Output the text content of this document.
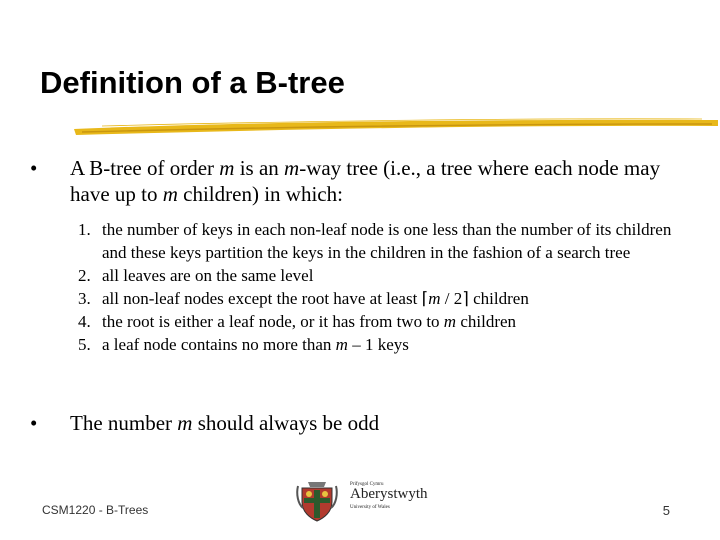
Definition of a B-tree
• A B-tree of order m is an m-way tree (i.e., a tree where each node may have up to m children) in which:
1. the number of keys in each non-leaf node is one less than the number of its children and these keys partition the keys in the children in the fashion of a search tree
2. all leaves are on the same level
3. all non-leaf nodes except the root have at least ⌈m / 2⌉ children
4. the root is either a leaf node, or it has from two to m children
5. a leaf node contains no more than m – 1 keys
• The number m should always be odd
CSM1220 - B-Trees
Prifysgol Cymru
Aberystwyth
University of Wales	5
